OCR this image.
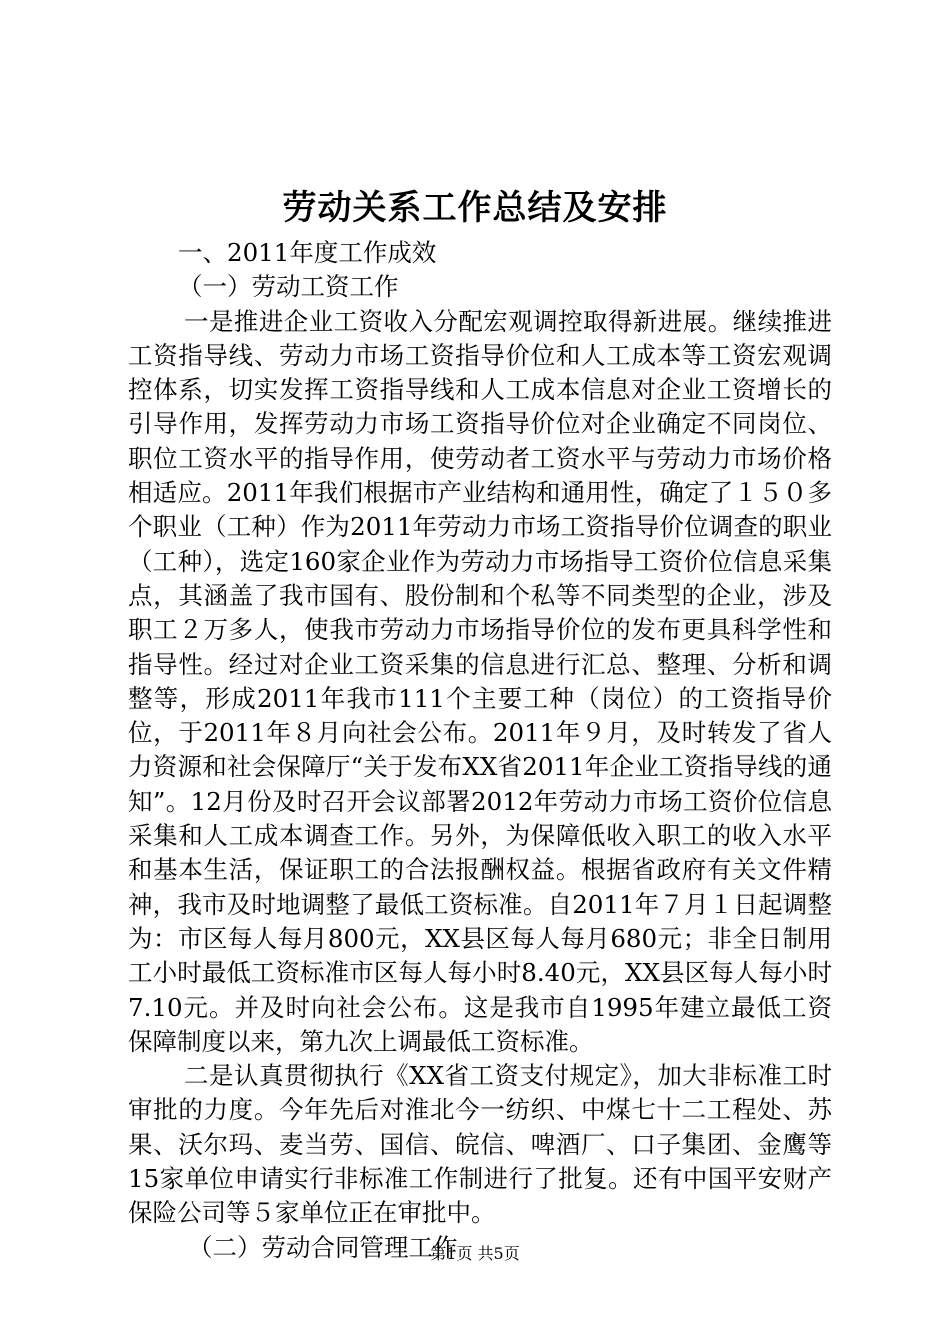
劳动关系工作总结及安排

一、2011年度工作成效

（一）劳动工资工作

一是推进企业工资收入分配宏观调控取得新进展。继续推进工资指导线、劳动力市场工资指导价位和人工成本等工资宏观调控体系，切实发挥工资指导线和人工成本信息对企业工资增长的引导作用，发挥劳动力市场工资指导价位对企业确定不同岗位、职位工资水平的指导作用，使劳动者工资水平与劳动力市场价格相适应。2011年我们根据市产业结构和通用性，确定了１５０多个职业（工种）作为2011年劳动力市场工资指导价位调查的职业（工种），选定160家企业作为劳动力市场指导工资价位信息采集点，其涵盖了我市国有、股份制和个私等不同类型的企业，涉及职工２万多人，使我市劳动力市场指导价位的发布更具科学性和指导性。经过对企业工资采集的信息进行汇总、整理、分析和调整等，形成2011年我市111个主要工种（岗位）的工资指导价位，于2011年８月向社会公布。2011年９月，及时转发了省人力资源和社会保障厅“关于发布XX省2011年企业工资指导线的通知”。12月份及时召开会议部署2012年劳动力市场工资价位信息采集和人工成本调查工作。另外，为保障低收入职工的收入水平和基本生活，保证职工的合法报酬权益。根据省政府有关文件精神，我市及时地调整了最低工资标准。自2011年７月１日起调整为：市区每人每月800元，XX县区每人每月680元；非全日制用工小时最低工资标准市区每人每小时8.40元，XX县区每人每小时7.10元。并及时向社会公布。这是我市自1995年建立最低工资保障制度以来，第九次上调最低工资标准。

二是认真贯彻执行《XX省工资支付规定》，加大非标准工时审批的力度。今年先后对淮北今一纺织、中煤七十二工程处、苏果、沃尔玛、麦当劳、国信、皖信、啤酒厂、口子集团、金鹰等15家单位申请实行非标准工作制进行了批复。还有中国平安财产保险公司等５家单位正在审批中。

（二）劳动合同管理工作

第1页 共5页
